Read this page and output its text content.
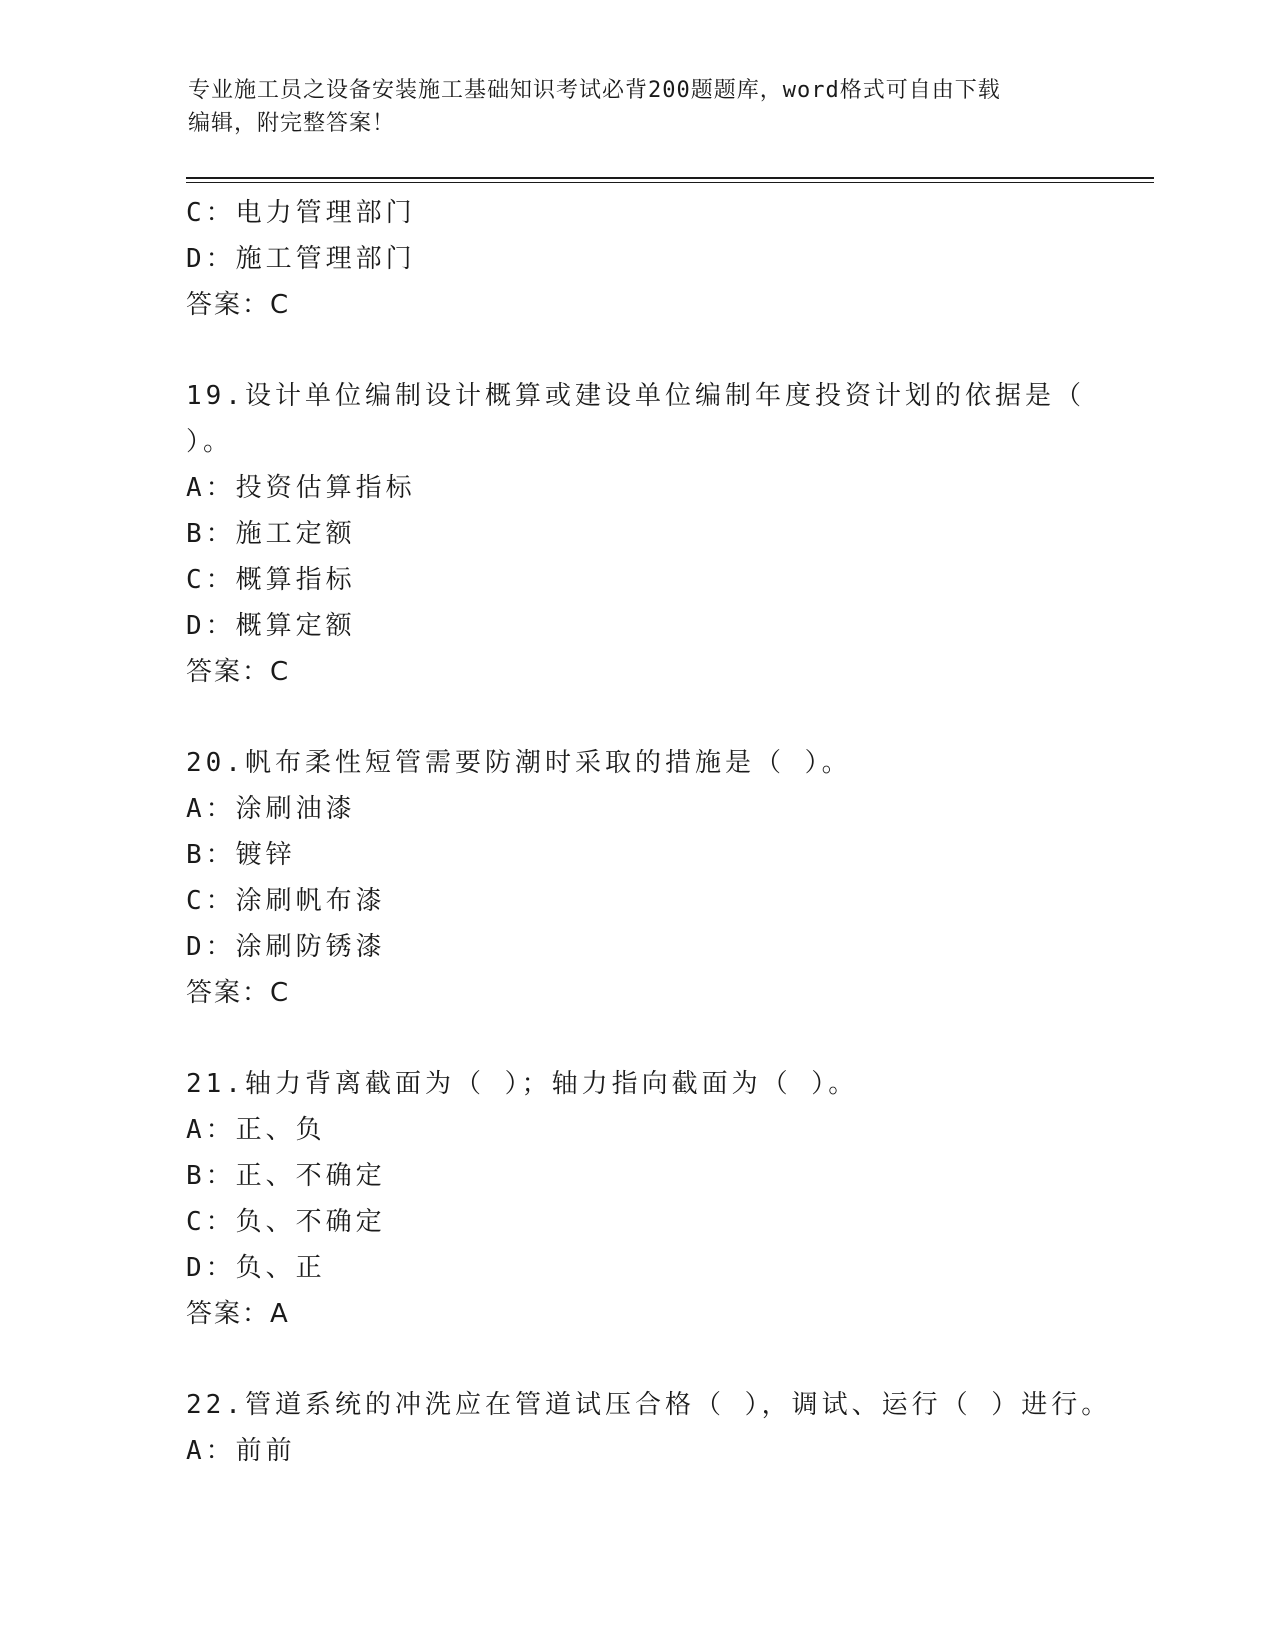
专业施工员之设备安装施工基础知识考试必背200题题库，word格式可自由下载
编辑，附完整答案！
C：电力管理部门
D：施工管理部门
答案：C
19.设计单位编制设计概算或建设单位编制年度投资计划的依据是（
）。
A：投资估算指标
B：施工定额
C：概算指标
D：概算定额
答案：C
20.帆布柔性短管需要防潮时采取的措施是（ ）。
A：涂刷油漆
B：镀锌
C：涂刷帆布漆
D：涂刷防锈漆
答案：C
21.轴力背离截面为（ ）；轴力指向截面为（ ）。
A：正、负
B：正、不确定
C：负、不确定
D：负、正
答案：A
22.管道系统的冲洗应在管道试压合格（ ），调试、运行（ ）进行。
A：前前
